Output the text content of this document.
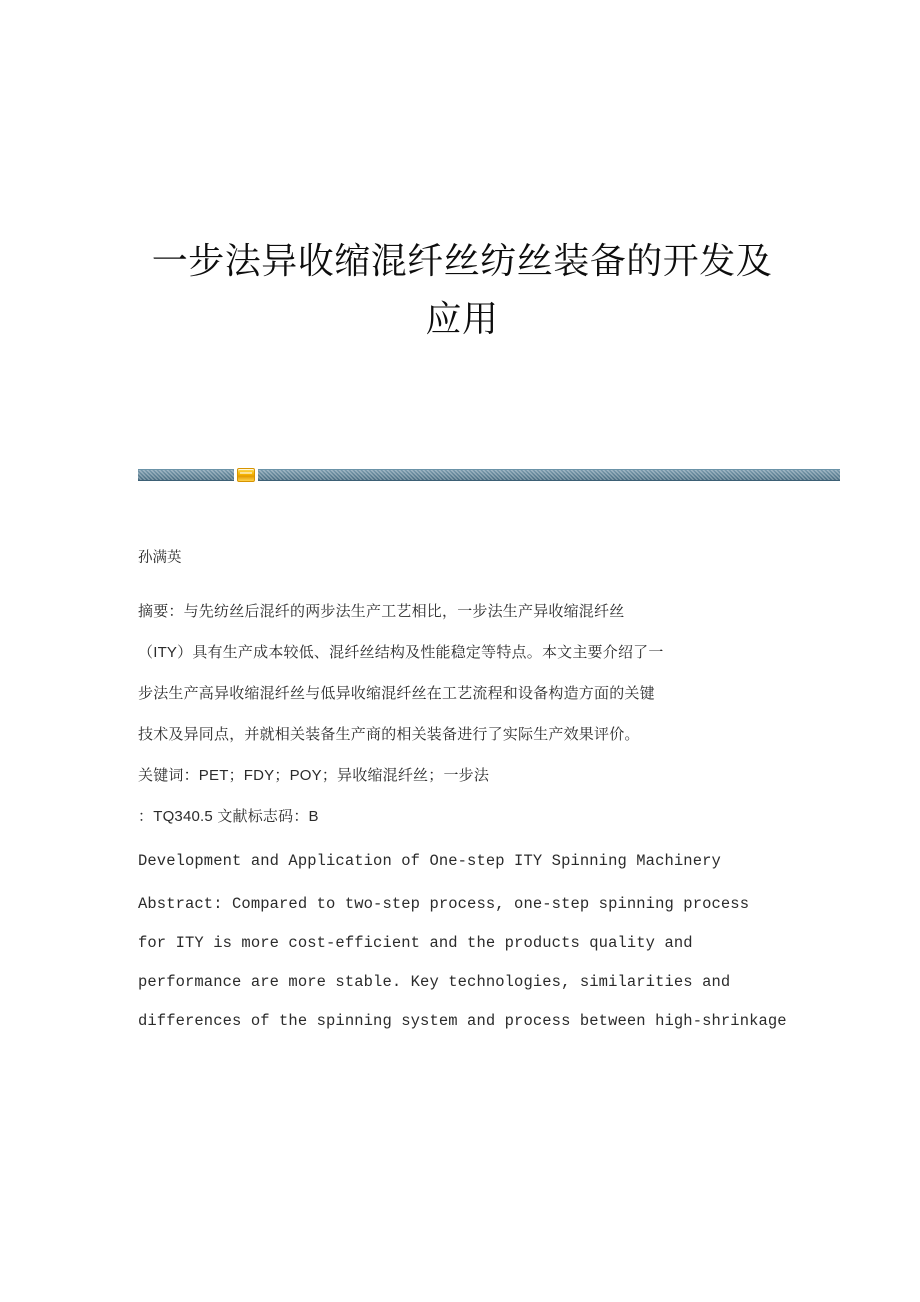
一步法异收缩混纤丝纺丝装备的开发及
应用
孙满英

摘要：与先纺丝后混纤的两步法生产工艺相比，一步法生产异收缩混纤丝

（ITY）具有生产成本较低、混纤丝结构及性能稳定等特点。本文主要介绍了一

步法生产高异收缩混纤丝与低异收缩混纤丝在工艺流程和设备构造方面的关键

技术及异同点，并就相关装备生产商的相关装备进行了实际生产效果评价。

关键词：PET；FDY；POY；异收缩混纤丝；一步法

：TQ340.5 文献标志码：B

Development and Application of One-step ITY Spinning Machinery

Abstract: Compared to two-step process, one-step spinning process

for ITY is more cost-efficient and the products quality and

performance are more stable. Key technologies, similarities and

differences of the spinning system and process between high-shrinkage
